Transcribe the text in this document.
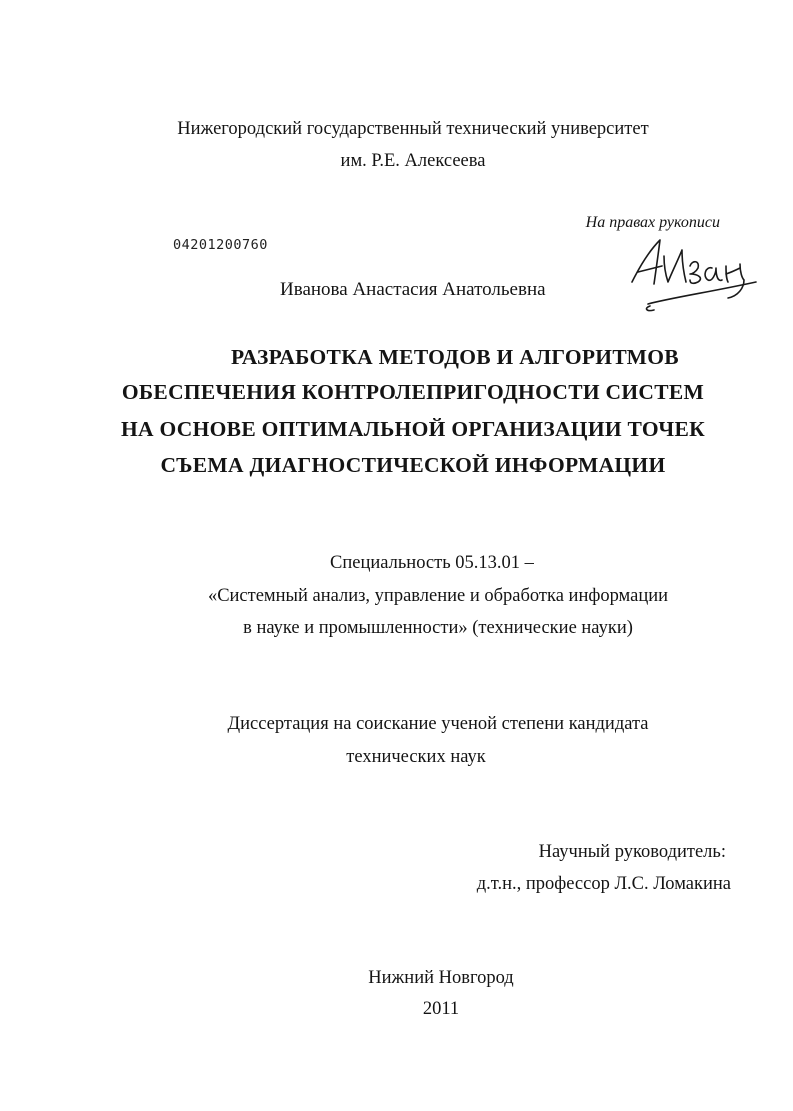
Нижегородский государственный технический университет
им. Р.Е. Алексеева
На правах рукописи
04201200760
Иванова Анастасия Анатольевна
РАЗРАБОТКА МЕТОДОВ И АЛГОРИТМОВ
ОБЕСПЕЧЕНИЯ КОНТРОЛЕПРИГОДНОСТИ СИСТЕМ
НА ОСНОВЕ ОПТИМАЛЬНОЙ ОРГАНИЗАЦИИ ТОЧЕК
СЪЕМА ДИАГНОСТИЧЕСКОЙ ИНФОРМАЦИИ
Специальность 05.13.01 –
«Системный анализ, управление и обработка информации
в науке и промышленности» (технические науки)
Диссертация на соискание ученой степени кандидата
технических наук
Научный руководитель:
д.т.н., профессор Л.С. Ломакина
Нижний Новгород
2011
